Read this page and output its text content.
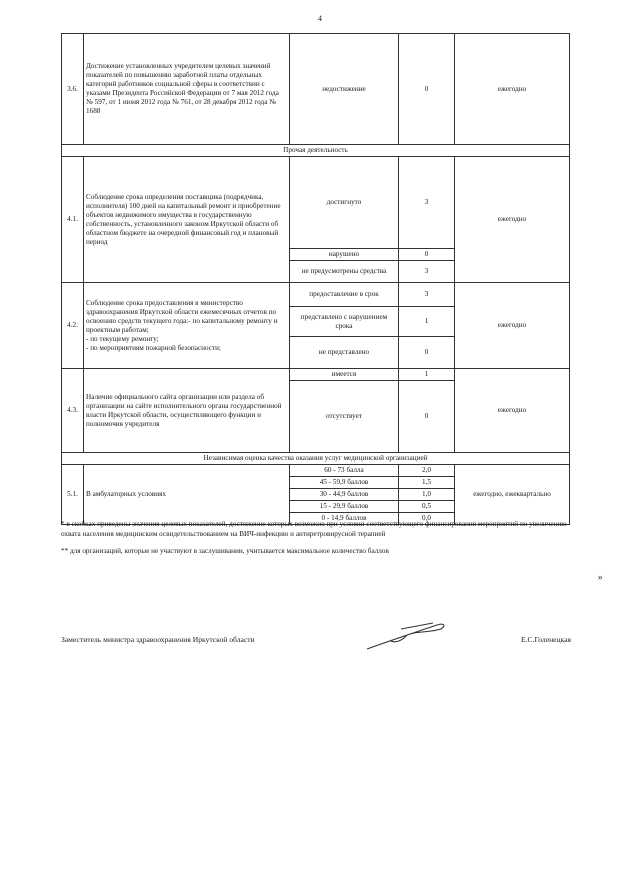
4
3.6.	Достижение установленных учредителем целевых значений показателей по повышению заработной платы отдельных категорий работников социальной сферы в соответствии с указами Президента Российской Федерации от 7 мая 2012 года № 597, от 1 июня 2012 года № 761, от 28 декабря 2012 года № 1688	недостижение	0	ежегодно
Прочая деятельность				
4.1.	Соблюдение срока определения поставщика (подрядчика, исполнителя) 100 дней на капитальный ремонт и приобретение объектов недвижимого имущества в государственную собственность, установленного законом Иркутской области об областном бюджете на очередной финансовый год и плановый период	достигнуто	3	ежегодно
		нарушено	0	
		не предусмотрены средства	3	
4.2.	Соблюдение срока предоставления в министерство здравоохранения Иркутской области ежемесячных отчетов по освоению средств текущего года:- по капитальному ремонту и проектным работам;
- по текущему ремонту;
- по мероприятиям пожарной безопасности;	предоставление в срок	3	ежегодно
		представлено с нарушением срока	1	
		не представлено	0	
4.3.	Наличие официального сайта организации или раздела об организации на сайте исполнительного органа государственной власти Иркутской области, осуществляющего функции и полномочия учредителя	имеется	1	ежегодно
		отсутствует	0	
Независимая оценка качества оказания услуг медицинской организацией				
5.1.	В амбулаторных условиях	60 - 73 балла	2,0	ежегодно, ежеквартально
		45 - 59,9 баллов	1,5	
		30 - 44,9 баллов	1,0	
		15 - 29,9 баллов	0,5	
		0 - 14,9 баллов	0,0	

* в скобках приведены значения целевых показателей, достижение которых возможно при условии соответствующего финансирования мероприятий по увеличению охвата населения медицинским освидетельствованием на ВИЧ-инфекцию и антиретровирусной терапией

** для организаций, которые не участвуют в заслушивании, учитывается максимальное количество баллов

»
Заместитель министра здравоохранения Иркутской области	Е.С.Голенецкая
